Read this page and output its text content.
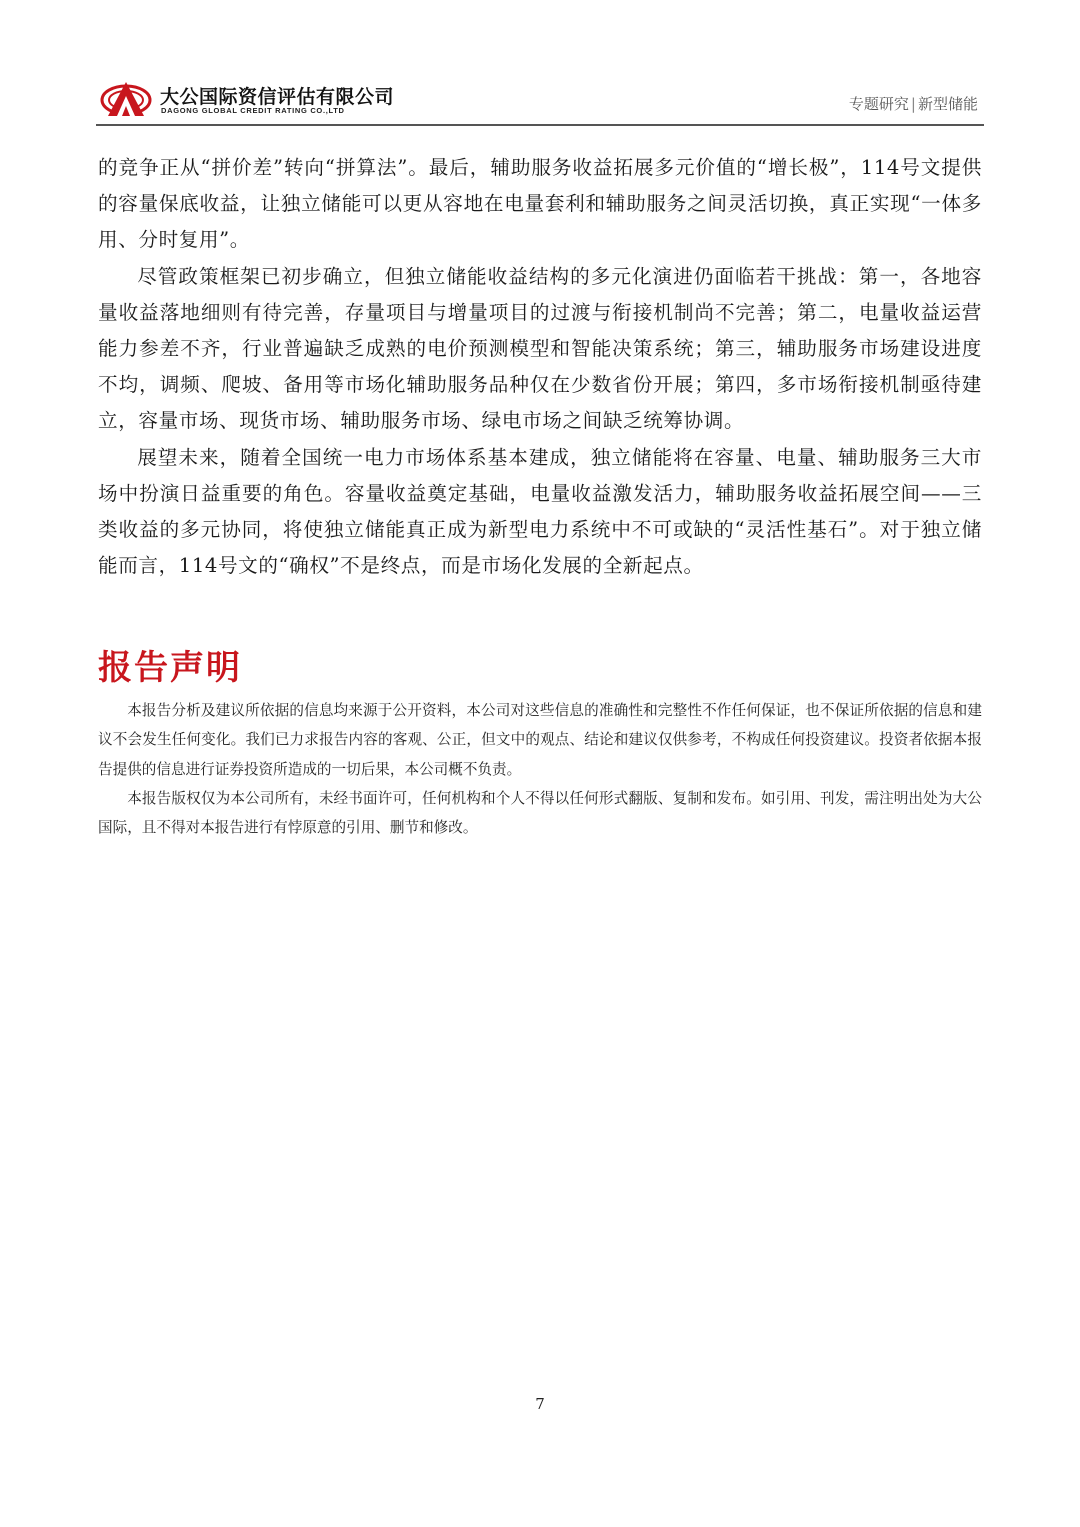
大公国际资信评估有限公司
DAGONG GLOBAL CREDIT RATING CO.,LTD	专题研究 | 新型储能

的竞争正从“拼价差”转向“拼算法”。最后，辅助服务收益拓展多元价值的“增长极”，114号文提供的容量保底收益，让独立储能可以更从容地在电量套利和辅助服务之间灵活切换，真正实现“一体多用、分时复用”。

尽管政策框架已初步确立，但独立储能收益结构的多元化演进仍面临若干挑战：第一，各地容量收益落地细则有待完善，存量项目与增量项目的过渡与衔接机制尚不完善；第二，电量收益运营能力参差不齐，行业普遍缺乏成熟的电价预测模型和智能决策系统；第三，辅助服务市场建设进度不均，调频、爬坡、备用等市场化辅助服务品种仅在少数省份开展；第四，多市场衔接机制亟待建立，容量市场、现货市场、辅助服务市场、绿电市场之间缺乏统筹协调。

展望未来，随着全国统一电力市场体系基本建成，独立储能将在容量、电量、辅助服务三大市场中扮演日益重要的角色。容量收益奠定基础，电量收益激发活力，辅助服务收益拓展空间——三类收益的多元协同，将使独立储能真正成为新型电力系统中不可或缺的“灵活性基石”。对于独立储能而言，114号文的“确权”不是终点，而是市场化发展的全新起点。

报告声明

本报告分析及建议所依据的信息均来源于公开资料，本公司对这些信息的准确性和完整性不作任何保证，也不保证所依据的信息和建议不会发生任何变化。我们已力求报告内容的客观、公正，但文中的观点、结论和建议仅供参考，不构成任何投资建议。投资者依据本报告提供的信息进行证券投资所造成的一切后果，本公司概不负责。

本报告版权仅为本公司所有，未经书面许可，任何机构和个人不得以任何形式翻版、复制和发布。如引用、刊发，需注明出处为大公国际，且不得对本报告进行有悖原意的引用、删节和修改。

7
